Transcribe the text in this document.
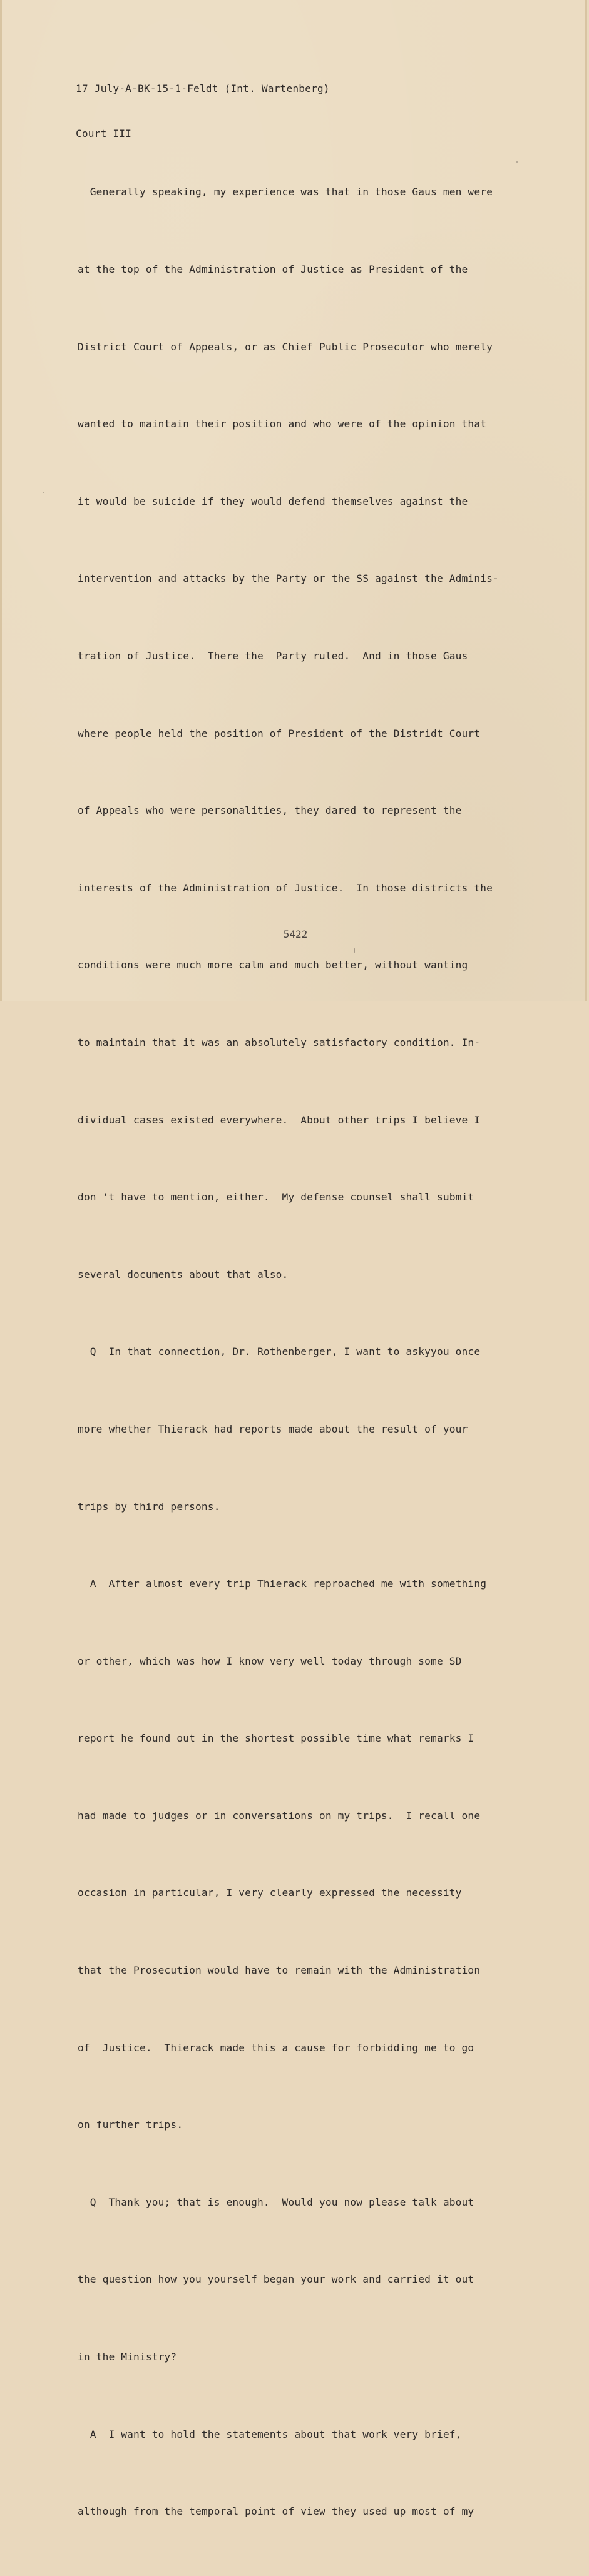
17 July-A-BK-15-1-Feldt (Int. Wartenberg)

Court III

Generally speaking, my experience was that in those Gaus men were

at the top of the Administration of Justice as President of the

District Court of Appeals, or as Chief Public Prosecutor who merely

wanted to maintain their position and who were of the opinion that

it would be suicide if they would defend themselves against the

intervention and attacks by the Party or the SS against the Adminis-

tration of Justice.  There the  Party ruled.  And in those Gaus

where people held the position of President of the Distridt Court

of Appeals who were personalities, they dared to represent the

interests of the Administration of Justice.  In those districts the

conditions were much more calm and much better, without wanting

to maintain that it was an absolutely satisfactory condition. In-

dividual cases existed everywhere.  About other trips I believe I

don 't have to mention, either.  My defense counsel shall submit

several documents about that also.

Q  In that connection, Dr. Rothenberger, I want to askyyou once

more whether Thierack had reports made about the result of your

trips by third persons.

A  After almost every trip Thierack reproached me with something

or other, which was how I know very well today through some SD

report he found out in the shortest possible time what remarks I

had made to judges or in conversations on my trips.  I recall one

occasion in particular, I very clearly expressed the necessity

that the Prosecution would have to remain with the Administration

of  Justice.  Thierack made this a cause for forbidding me to go

on further trips.

Q  Thank you; that is enough.  Would you now please talk about

the question how you yourself began your work and carried it out

in the Ministry?

A  I want to hold the statements about that work very brief,

although from the temporal point of view they used up most of my

5422
